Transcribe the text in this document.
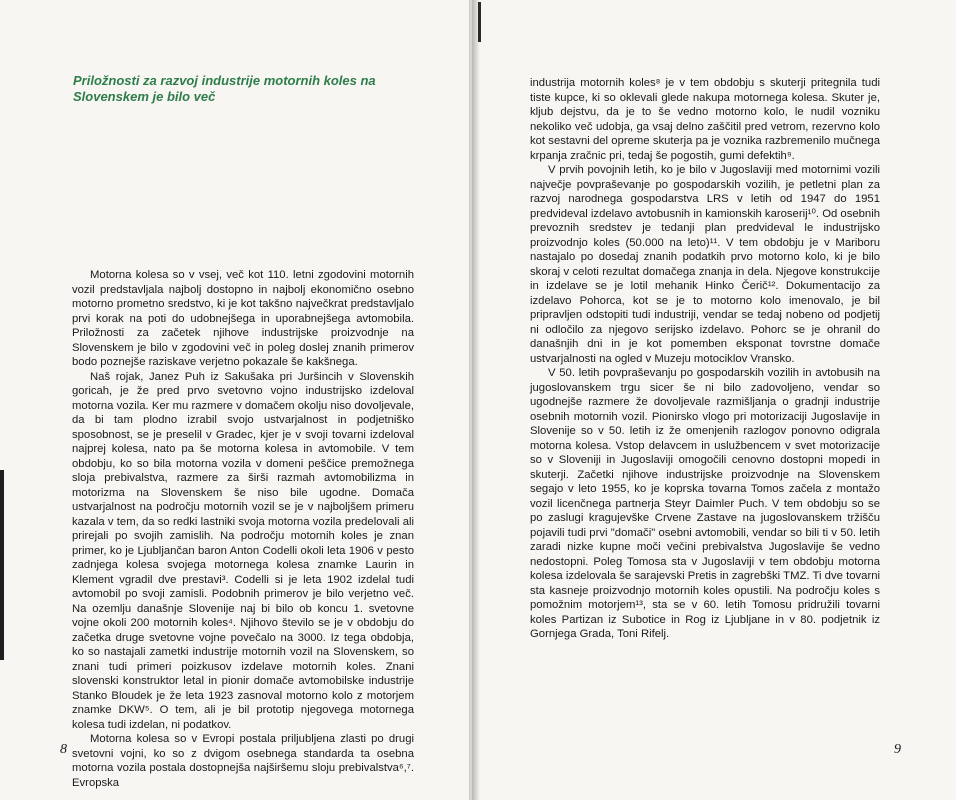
Priložnosti za razvoj industrije motornih koles na Slovenskem je bilo več

Motorna kolesa so v vsej, več kot 110. letni zgodovini motornih vozil predstavljala najbolj dostopno in najbolj ekonomično osebno motorno prometno sredstvo, ki je kot takšno največkrat predstavljalo prvi korak na poti do udobnejšega in uporabnejšega avtomobila. Priložnosti za začetek njihove industrijske proizvodnje na Slovenskem je bilo v zgodovini več in poleg doslej znanih primerov bodo poznejše raziskave verjetno pokazale še kakšnega.

Naš rojak, Janez Puh iz Sakušaka pri Juršincih v Slovenskih goricah, je že pred prvo svetovno vojno industrijsko izdeloval motorna vozila. Ker mu razmere v domačem okolju niso dovoljevale, da bi tam plodno izrabil svojo ustvarjalnost in podjetniško sposobnost, se je preselil v Gradec, kjer je v svoji tovarni izdeloval najprej kolesa, nato pa še motorna kolesa in avtomobile. V tem obdobju, ko so bila motorna vozila v domeni peščice premožnega sloja prebivalstva, razmere za širši razmah avtomobilizma in motorizma na Slovenskem še niso bile ugodne. Domača ustvarjalnost na področju motornih vozil se je v najboljšem primeru kazala v tem, da so redki lastniki svoja motorna vozila predelovali ali prirejali po svojih zamislih. Na področju motornih koles je znan primer, ko je Ljubljančan baron Anton Codelli okoli leta 1906 v pesto zadnjega kolesa svojega motornega kolesa znamke Laurin in Klement vgradil dve prestavi³. Codelli si je leta 1902 izdelal tudi avtomobil po svoji zamisli. Podobnih primerov je bilo verjetno več. Na ozemlju današnje Slovenije naj bi bilo ob koncu 1. svetovne vojne okoli 200 motornih koles⁴. Njihovo število se je v obdobju do začetka druge svetovne vojne povečalo na 3000. Iz tega obdobja, ko so nastajali zametki industrije motornih vozil na Slovenskem, so znani tudi primeri poizkusov izdelave motornih koles. Znani slovenski konstruktor letal in pionir domače avtomobilske industrije Stanko Bloudek je že leta 1923 zasnoval motorno kolo z motorjem znamke DKW⁵. O tem, ali je bil prototip njegovega motornega kolesa tudi izdelan, ni podatkov.

Motorna kolesa so v Evropi postala priljubljena zlasti po drugi svetovni vojni, ko so z dvigom osebnega standarda ta osebna motorna vozila postala dostopnejša najširšemu sloju prebivalstva⁶,⁷. Evropska

8

industrija motornih koles⁸ je v tem obdobju s skuterji pritegnila tudi tiste kupce, ki so oklevali glede nakupa motornega kolesa. Skuter je, kljub dejstvu, da je to še vedno motorno kolo, le nudil vozniku nekoliko več udobja, ga vsaj delno zaščitil pred vetrom, rezervno kolo kot sestavni del opreme skuterja pa je voznika razbremenilo mučnega krpanja zračnic pri, tedaj še pogostih, gumi defektih⁹.

V prvih povojnih letih, ko je bilo v Jugoslaviji med motornimi vozili največje povpraševanje po gospodarskih vozilih, je petletni plan za razvoj narodnega gospodarstva LRS v letih od 1947 do 1951 predvideval izdelavo avtobusnih in kamionskih karoserij¹⁰. Od osebnih prevoznih sredstev je tedanji plan predvideval le industrijsko proizvodnjo koles (50.000 na leto)¹¹. V tem obdobju je v Mariboru nastajalo po dosedaj znanih podatkih prvo motorno kolo, ki je bilo skoraj v celoti rezultat domačega znanja in dela. Njegove konstrukcije in izdelave se je lotil mehanik Hinko Čerič¹². Dokumentacijo za izdelavo Pohorca, kot se je to motorno kolo imenovalo, je bil pripravljen odstopiti tudi industriji, vendar se tedaj nobeno od podjetij ni odločilo za njegovo serijsko izdelavo. Pohorc se je ohranil do današnjih dni in je kot pomemben eksponat tovrstne domače ustvarjalnosti na ogled v Muzeju motociklov Vransko.

V 50. letih povpraševanju po gospodarskih vozilih in avtobusih na jugoslovanskem trgu sicer še ni bilo zadovoljeno, vendar so ugodnejše razmere že dovoljevale razmišljanja o gradnji industrije osebnih motornih vozil. Pionirsko vlogo pri motorizaciji Jugoslavije in Slovenije so v 50. letih iz že omenjenih razlogov ponovno odigrala motorna kolesa. Vstop delavcem in uslužbencem v svet motorizacije so v Sloveniji in Jugoslaviji omogočili cenovno dostopni mopedi in skuterji. Začetki njihove industrijske proizvodnje na Slovenskem segajo v leto 1955, ko je koprska tovarna Tomos začela z montažo vozil licenčnega partnerja Steyr Daimler Puch. V tem obdobju so se po zaslugi kragujevške Crvene Zastave na jugoslovanskem tržišču pojavili tudi prvi "domači" osebni avtomobili, vendar so bili ti v 50. letih zaradi nizke kupne moči večini prebivalstva Jugoslavije še vedno nedostopni. Poleg Tomosa sta v Jugoslaviji v tem obdobju motorna kolesa izdelovala še sarajevski Pretis in zagrebški TMZ. Ti dve tovarni sta kasneje proizvodnjo motornih koles opustili. Na področju koles s pomožnim motorjem¹³, sta se v 60. letih Tomosu pridružili tovarni koles Partizan iz Subotice in Rog iz Ljubljane in v 80. podjetnik iz Gornjega Grada, Toni Rifelj.

9
